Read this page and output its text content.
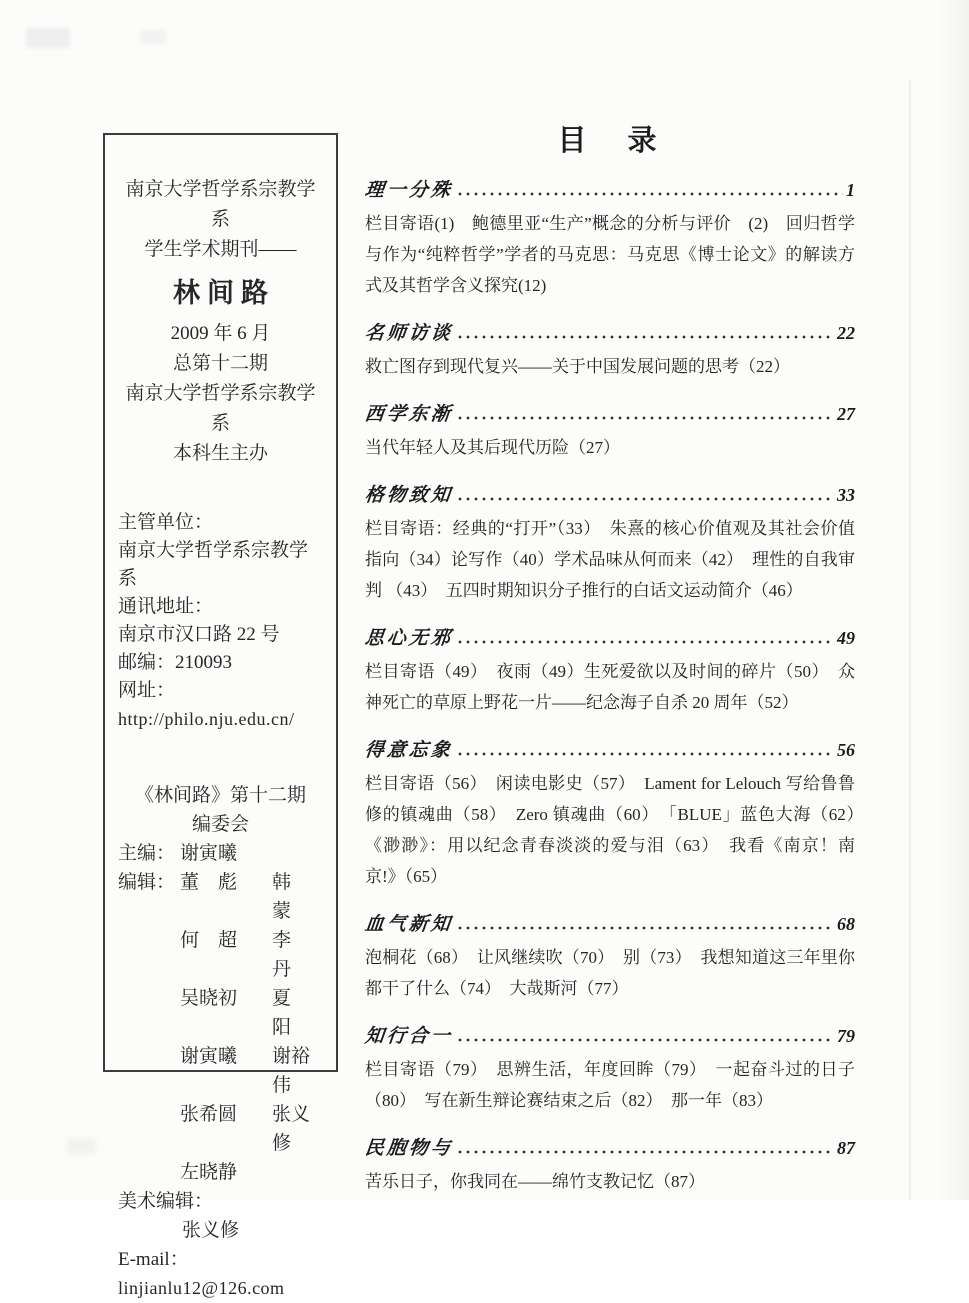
南京大学哲学系宗教学系
学生学术期刊——
林间路
2009 年 6 月
总第十二期
南京大学哲学系宗教学系
本科生主办
主管单位：
南京大学哲学系宗教学系
通讯地址：
南京市汉口路 22 号
邮编：210093
网址：
http://philo.nju.edu.cn/
《林间路》第十二期
编委会
主编： 谢寅曦
编辑： 董　彪	韩　蒙
何　超	李　丹
吴晓初	夏　阳
谢寅曦	谢裕伟
张希圆	张义修
左晓静
美术编辑：
张义修
E-mail：
linjianlu12@126.com
目　录
理一分殊	1

栏目寄语(1)　鲍德里亚“生产”概念的分析与评价　(2)　回归哲学与作为“纯粹哲学”学者的马克思：马克思《博士论文》的解读方式及其哲学含义探究(12)

名师访谈	22

救亡图存到现代复兴——关于中国发展问题的思考（22）

西学东渐	27

当代年轻人及其后现代历险（27）

格物致知	33

栏目寄语：经典的“打开”（33）　朱熹的核心价值观及其社会价值指向（34）论写作（40）学术品味从何而来（42）　理性的自我审判 （43）　五四时期知识分子推行的白话文运动简介（46）

思心无邪	49

栏目寄语（49）　夜雨（49）生死爱欲以及时间的碎片（50）　众神死亡的草原上野花一片——纪念海子自杀 20 周年（52）

得意忘象	56

栏目寄语（56）　闲读电影史（57）　Lament for Lelouch 写给鲁鲁修的镇魂曲（58）　Zero 镇魂曲（60）　「BLUE」蓝色大海（62）　《渺渺》：用以纪念青春淡淡的爱与泪（63）　我看《南京！南京!》（65）

血气新知	68

泡桐花（68）　让风继续吹（70）　别（73）　我想知道这三年里你都干了什么（74）　大哉斯河（77）

知行合一	79

栏目寄语（79）　思辨生活，年度回眸（79）　一起奋斗过的日子（80）　写在新生辩论赛结束之后（82）　那一年（83）

民胞物与	87

苦乐日子，你我同在——绵竹支教记忆（87）
